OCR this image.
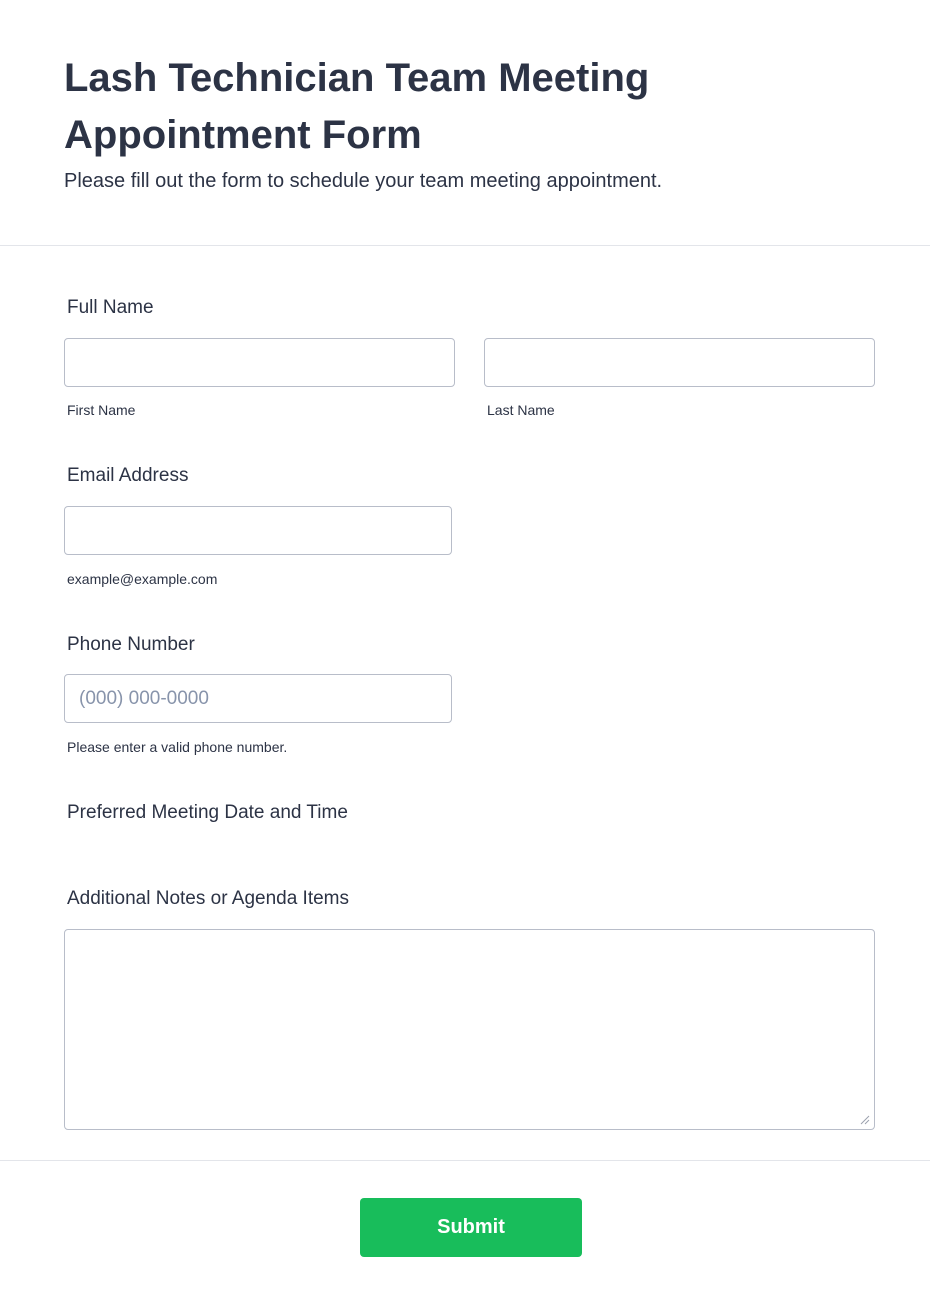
Lash Technician Team Meeting Appointment Form

Please fill out the form to schedule your team meeting appointment.

Full Name
First Name	Last Name
Email Address
example@example.com
Phone Number
(000) 000-0000
Please enter a valid phone number.
Preferred Meeting Date and Time
Additional Notes or Agenda Items
Submit
